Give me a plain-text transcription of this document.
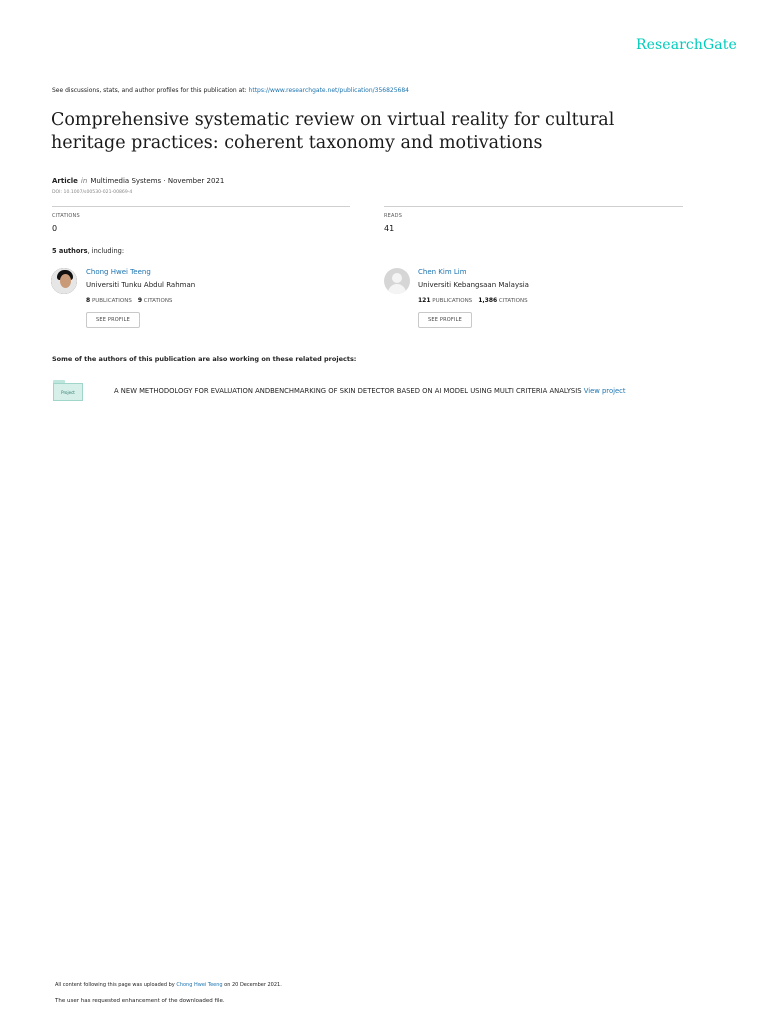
ResearchGate
See discussions, stats, and author profiles for this publication at: https://www.researchgate.net/publication/356825684
Comprehensive systematic review on virtual reality for cultural heritage practices: coherent taxonomy and motivations
Article in Multimedia Systems · November 2021
DOI: 10.1007/s00530-021-00869-4
CITATIONS
0
READS
41
5 authors, including:
Chong Hwei Teeng
Universiti Tunku Abdul Rahman
8 PUBLICATIONS 9 CITATIONS
SEE PROFILE
Chen Kim Lim
Universiti Kebangsaan Malaysia
121 PUBLICATIONS 1,386 CITATIONS
SEE PROFILE
Some of the authors of this publication are also working on these related projects:
Project	A NEW METHODOLOGY FOR EVALUATION ANDBENCHMARKING OF SKIN DETECTOR BASED ON AI MODEL USING MULTI CRITERIA ANALYSIS View project
All content following this page was uploaded by Chong Hwei Teeng on 20 December 2021.
The user has requested enhancement of the downloaded file.
